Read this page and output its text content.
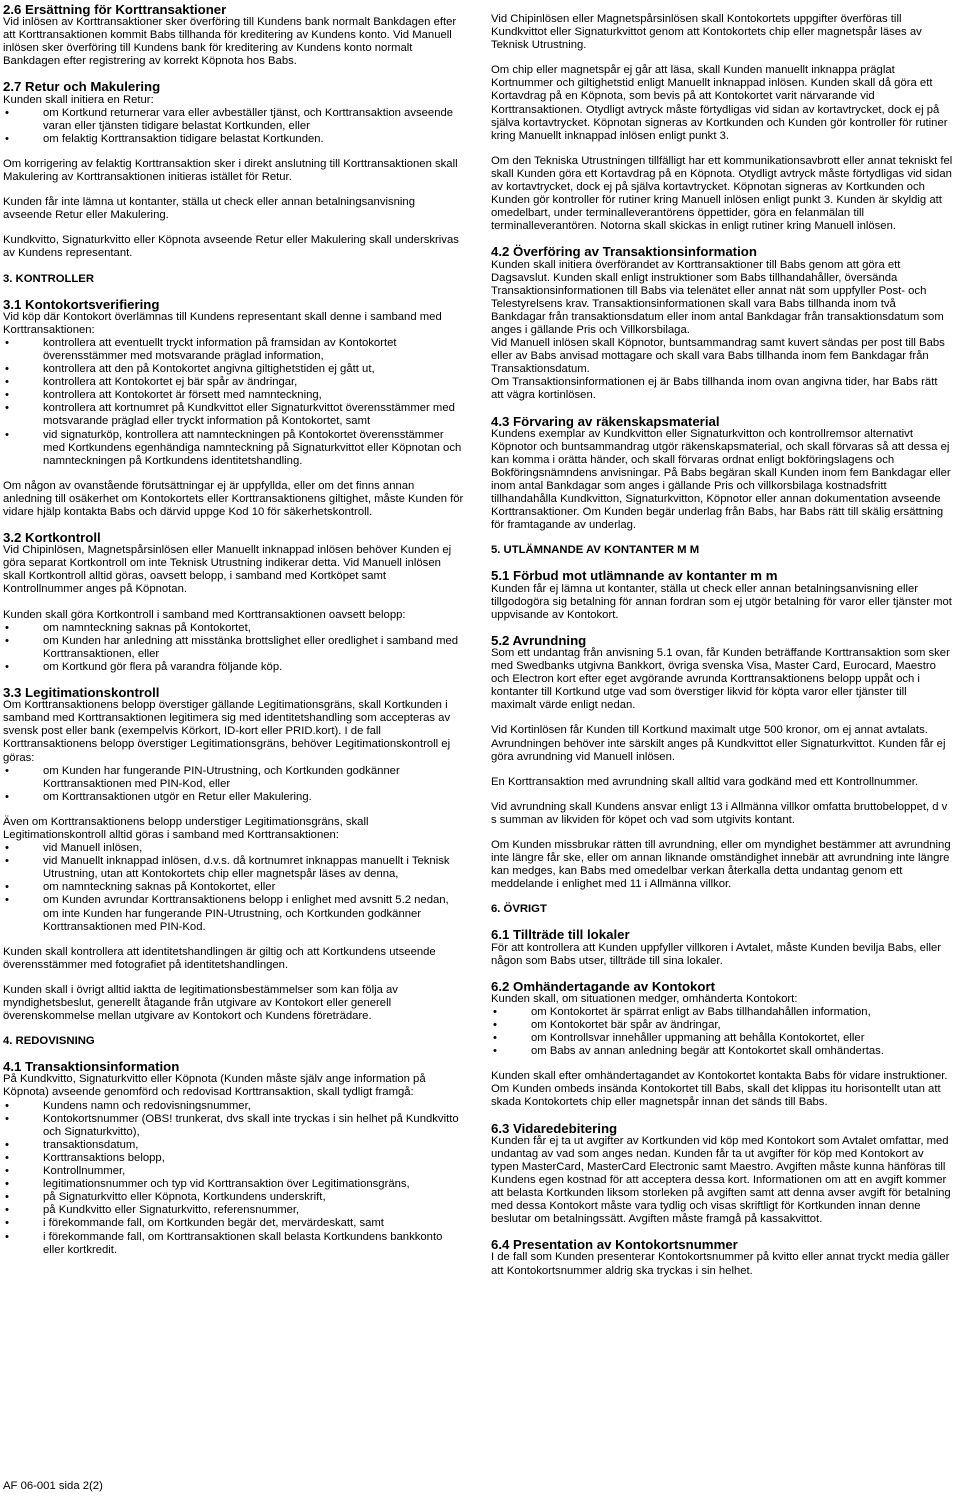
2.6 Ersättning för Korttransaktioner

Vid inlösen av Korttransaktioner sker överföring till Kundens bank normalt Bankdagen efter att Korttransaktionen kommit Babs tillhanda för kreditering av Kundens konto. Vid Manuell inlösen sker överföring till Kundens bank för kreditering av Kundens konto normalt Bankdagen efter registrering av korrekt Köpnota hos Babs.

2.7 Retur och Makulering

Kunden skall initiera en Retur:

• om Kortkund returnerar vara eller avbeställer tjänst, och Korttransaktion avseende varan eller tjänsten tidigare belastat Kortkunden, eller
• om felaktig Korttransaktion tidigare belastat Kortkunden.

Om korrigering av felaktig Korttransaktion sker i direkt anslutning till Korttransaktionen skall Makulering av Korttransaktionen initieras istället för Retur.

Kunden får inte lämna ut kontanter, ställa ut check eller annan betalningsanvisning avseende Retur eller Makulering.

Kundkvitto, Signaturkvitto eller Köpnota avseende Retur eller Makulering skall underskrivas av Kundens representant.

3. KONTROLLER
3.1 Kontokortsverifiering

Vid köp där Kontokort överlämnas till Kundens representant skall denne i samband med Korttransaktionen:

• kontrollera att eventuellt tryckt information på framsidan av Kontokortet överensstämmer med motsvarande präglad information,
• kontrollera att den på Kontokortet angivna giltighetstiden ej gått ut,
• kontrollera att Kontokortet ej bär spår av ändringar,
• kontrollera att Kontokortet är försett med namnteckning,
• kontrollera att kortnumret på Kundkvittot eller Signaturkvittot överensstämmer med motsvarande präglad eller tryckt information på Kontokortet, samt
• vid signaturköp, kontrollera att namnteckningen på Kontokortet överensstämmer med Kortkundens egenhändiga namnteckning på Signaturkvittot eller Köpnotan och namnteckningen på Kortkundens identitetshandling.

Om någon av ovanstående förutsättningar ej är uppfyllda, eller om det finns annan anledning till osäkerhet om Kontokortets eller Korttransaktionens giltighet, måste Kunden för vidare hjälp kontakta Babs och därvid uppge Kod 10 för säkerhetskontroll.

3.2 Kortkontroll

Vid Chipinlösen, Magnetspårsinlösen eller Manuellt inknappad inlösen behöver Kunden ej göra separat Kortkontroll om inte Teknisk Utrustning indikerar detta. Vid Manuell inlösen skall Kortkontroll alltid göras, oavsett belopp, i samband med Kortköpet samt Kontrollnummer anges på Köpnotan.

Kunden skall göra Kortkontroll i samband med Korttransaktionen oavsett belopp:

• om namnteckning saknas på Kontokortet,
• om Kunden har anledning att misstänka brottslighet eller oredlighet i samband med Korttransaktionen, eller
• om Kortkund gör flera på varandra följande köp.
3.3 Legitimationskontroll

Om Korttransaktionens belopp överstiger gällande Legitimationsgräns, skall Kortkunden i samband med Korttransaktionen legitimera sig med identitetshandling som accepteras av svensk post eller bank (exempelvis Körkort, ID-kort eller PRID.kort). I de fall Korttransaktionens belopp överstiger Legitimationsgräns, behöver Legitimationskontroll ej göras:

• om Kunden har fungerande PIN-Utrustning, och Kortkunden godkänner Korttransaktionen med PIN-Kod, eller
• om Korttransaktionen utgör en Retur eller Makulering.

Även om Korttransaktionens belopp understiger Legitimationsgräns, skall Legitimationskontroll alltid göras i samband med Korttransaktionen:

• vid Manuell inlösen,
• vid Manuellt inknappad inlösen, d.v.s. då kortnumret inknappas manuellt i Teknisk Utrustning, utan att Kontokortets chip eller magnetspår läses av denna,
• om namnteckning saknas på Kontokortet, eller
• om Kunden avrundar Korttransaktionens belopp i enlighet med avsnitt 5.2 nedan, om inte Kunden har fungerande PIN-Utrustning, och Kortkunden godkänner Korttransaktionen med PIN-Kod.

Kunden skall kontrollera att identitetshandlingen är giltig och att Kortkundens utseende överensstämmer med fotografiet på identitetshandlingen.

Kunden skall i övrigt alltid iaktta de legitimationsbestämmelser som kan följa av myndighetsbeslut, generellt åtagande från utgivare av Kontokort eller generell överenskommelse mellan utgivare av Kontokort och Kundens företrädare.

4. REDOVISNING
4.1 Transaktionsinformation

På Kundkvitto, Signaturkvitto eller Köpnota (Kunden måste själv ange information på Köpnota) avseende genomförd och redovisad Korttransaktion, skall tydligt framgå:

• Kundens namn och redovisningsnummer,
• Kontokortsnummer (OBS! trunkerat, dvs skall inte tryckas i sin helhet på Kundkvitto och Signaturkvitto),
• transaktionsdatum,
• Korttransaktions belopp,
• Kontrollnummer,
• legitimationsnummer och typ vid Korttransaktion över Legitimationsgräns,
• på Signaturkvitto eller Köpnota, Kortkundens underskrift,
• på Kundkvitto eller Signaturkvitto, referensnummer,
• i förekommande fall, om Kortkunden begär det, mervärdeskatt, samt
• i förekommande fall, om Korttransaktionen skall belasta Kortkundens bankkonto eller kortkredit.

Vid Chipinlösen eller Magnetspårsinlösen skall Kontokortets uppgifter överföras till Kundkvittot eller Signaturkvittot genom att Kontokortets chip eller magnetspår läses av Teknisk Utrustning.

Om chip eller magnetspår ej går att läsa, skall Kunden manuellt inknappa präglat Kortnummer och giltighetstid enligt Manuellt inknappad inlösen. Kunden skall då göra ett Kortavdrag på en Köpnota, som bevis på att Kontokortet varit närvarande vid Korttransaktionen. Otydligt avtryck måste förtydligas vid sidan av kortavtrycket, dock ej på själva kortavtrycket. Köpnotan signeras av Kortkunden och Kunden gör kontroller för rutiner kring Manuellt inknappad inlösen enligt punkt 3.

Om den Tekniska Utrustningen tillfälligt har ett kommunikationsavbrott eller annat tekniskt fel skall Kunden göra ett Kortavdrag på en Köpnota. Otydligt avtryck måste förtydligas vid sidan av kortavtrycket, dock ej på själva kortavtrycket. Köpnotan signeras av Kortkunden och Kunden gör kontroller för rutiner kring Manuell inlösen enligt punkt 3. Kunden är skyldig att omedelbart, under terminalleverantörens öppettider, göra en felanmälan till terminalleverantören. Notorna skall skickas in enligt rutiner kring Manuell inlösen.

4.2 Överföring av Transaktionsinformation

Kunden skall initiera överförandet av Korttransaktioner till Babs genom att göra ett Dagsavslut. Kunden skall enligt instruktioner som Babs tillhandahåller, översända Transaktionsinformationen till Babs via telenätet eller annat nät som uppfyller Post- och Telestyrelsens krav. Transaktionsinformationen skall vara Babs tillhanda inom två Bankdagar från transaktionsdatum eller inom antal Bankdagar från transaktionsdatum som anges i gällande Pris och Villkorsbilaga.

Vid Manuell inlösen skall Köpnotor, buntsammandrag samt kuvert sändas per post till Babs eller av Babs anvisad mottagare och skall vara Babs tillhanda inom fem Bankdagar från Transaktionsdatum.

Om Transaktionsinformationen ej är Babs tillhanda inom ovan angivna tider, har Babs rätt att vägra kortinlösen.

4.3 Förvaring av räkenskapsmaterial

Kundens exemplar av Kundkvitton eller Signaturkvitton och kontrollremsor alternativt Köpnotor och buntsammandrag utgör räkenskapsmaterial, och skall förvaras så att dessa ej kan komma i orätta händer, och skall förvaras ordnat enligt bokföringslagens och Bokföringsnämndens anvisningar. På Babs begäran skall Kunden inom fem Bankdagar eller inom antal Bankdagar som anges i gällande Pris och villkorsbilaga kostnadsfritt tillhandahålla Kundkvitton, Signaturkvitton, Köpnotor eller annan dokumentation avseende Korttransaktioner. Om Kunden begär underlag från Babs, har Babs rätt till skälig ersättning för framtagande av underlag.

5. UTLÄMNANDE AV KONTANTER M M
5.1 Förbud mot utlämnande av kontanter m m

Kunden får ej lämna ut kontanter, ställa ut check eller annan betalningsanvisning eller tillgodogöra sig betalning för annan fordran som ej utgör betalning för varor eller tjänster mot uppvisande av Kontokort.

5.2 Avrundning

Som ett undantag från anvisning 5.1 ovan, får Kunden beträffande Korttransaktion som sker med Swedbanks utgivna Bankkort, övriga svenska Visa, Master Card, Eurocard, Maestro och Electron kort efter eget avgörande avrunda Korttransaktionens belopp uppåt och i kontanter till Kortkund utge vad som överstiger likvid för köpta varor eller tjänster till maximalt värde enligt nedan.

Vid Kortinlösen får Kunden till Kortkund maximalt utge 500 kronor, om ej annat avtalats. Avrundningen behöver inte särskilt anges på Kundkvittot eller Signaturkvittot. Kunden får ej göra avrundning vid Manuell inlösen.

En Korttransaktion med avrundning skall alltid vara godkänd med ett Kontrollnummer.

Vid avrundning skall Kundens ansvar enligt 13 i Allmänna villkor omfatta bruttobeloppet, d v s summan av likviden för köpet och vad som utgivits kontant.

Om Kunden missbrukar rätten till avrundning, eller om myndighet bestämmer att avrundning inte längre får ske, eller om annan liknande omständighet innebär att avrundning inte längre kan medges, kan Babs med omedelbar verkan återkalla detta undantag genom ett meddelande i enlighet med 11 i Allmänna villkor.

6. ÖVRIGT
6.1 Tillträde till lokaler

För att kontrollera att Kunden uppfyller villkoren i Avtalet, måste Kunden bevilja Babs, eller någon som Babs utser, tillträde till sina lokaler.

6.2 Omhändertagande av Kontokort

Kunden skall, om situationen medger, omhänderta Kontokort:

• om Kontokortet är spärrat enligt av Babs tillhandahållen information,
• om Kontokortet bär spår av ändringar,
• om Kontrollsvar innehåller uppmaning att behålla Kontokortet, eller
• om Babs av annan anledning begär att Kontokortet skall omhändertas.

Kunden skall efter omhändertagandet av Kontokortet kontakta Babs för vidare instruktioner. Om Kunden ombeds insända Kontokortet till Babs, skall det klippas itu horisontellt utan att skada Kontokortets chip eller magnetspår innan det sänds till Babs.

6.3 Vidaredebitering

Kunden får ej ta ut avgifter av Kortkunden vid köp med Kontokort som Avtalet omfattar, med undantag av vad som anges nedan. Kunden får ta ut avgifter för köp med Kontokort av typen MasterCard, MasterCard Electronic samt Maestro. Avgiften måste kunna hänföras till Kundens egen kostnad för att acceptera dessa kort. Informationen om att en avgift kommer att belasta Kortkunden liksom storleken på avgiften samt att denna avser avgift för betalning med dessa Kontokort måste vara tydlig och visas skriftligt för Kortkunden innan denne beslutar om betalningssätt. Avgiften måste framgå på kassakvittot.

6.4 Presentation av Kontokortsnummer

I de fall som Kunden presenterar Kontokortsnummer på kvitto eller annat tryckt media gäller att Kontokortsnummer aldrig ska tryckas i sin helhet.

AF 06-001 sida 2(2)
